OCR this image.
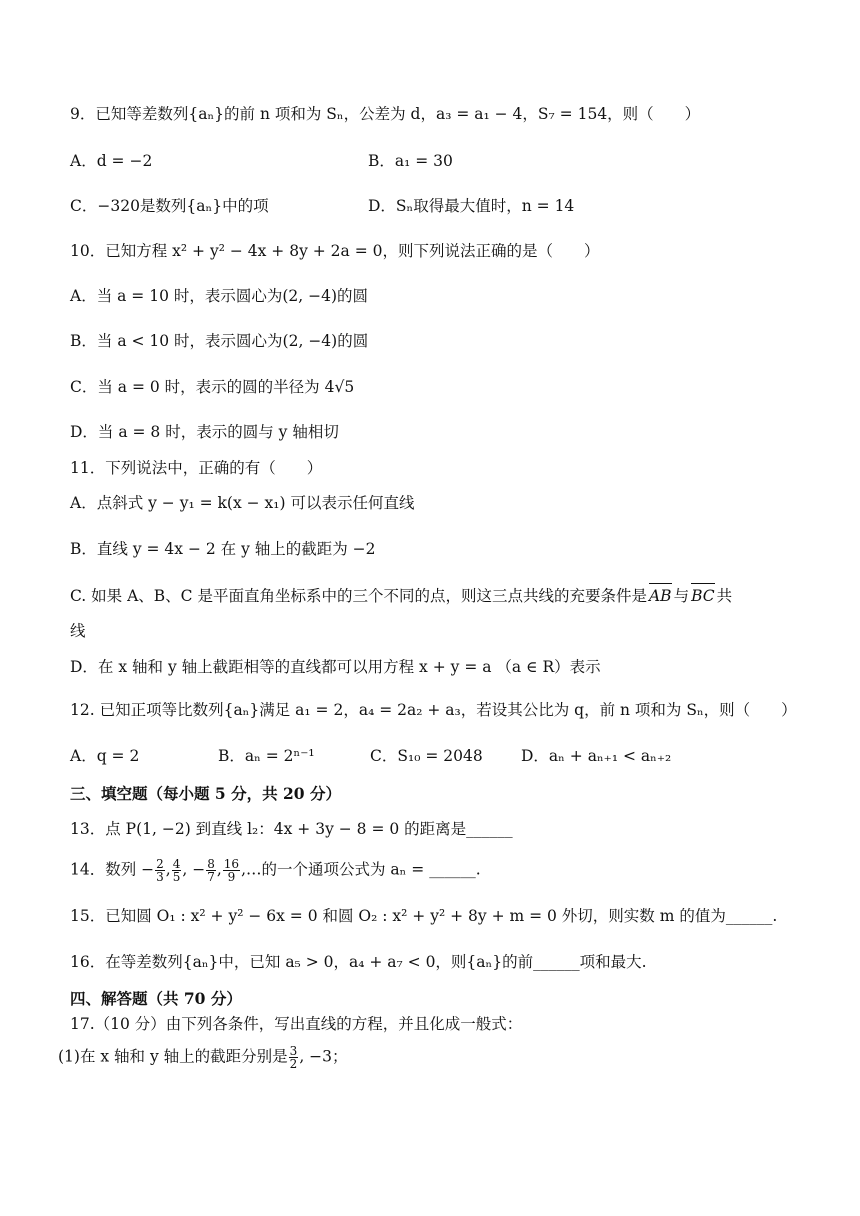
9．已知等差数列{aₙ}的前 n 项和为 Sₙ，公差为 d，a₃ = a₁ − 4，S₇ = 154，则（　　）
A．d = −2	B．a₁ = 30
C．−320是数列{aₙ}中的项	D．Sₙ取得最大值时，n = 14
10．已知方程 x² + y² − 4x + 8y + 2a = 0，则下列说法正确的是（　　）
A．当 a = 10 时，表示圆心为(2, −4)的圆
B．当 a < 10 时，表示圆心为(2, −4)的圆
C．当 a = 0 时，表示的圆的半径为 4√5
D．当 a = 8 时，表示的圆与 y 轴相切
11．下列说法中，正确的有（　　）
A．点斜式 y − y₁ = k(x − x₁) 可以表示任何直线
B．直线 y = 4x − 2 在 y 轴上的截距为 −2
C. 如果 A、B、C 是平面直角坐标系中的三个不同的点，则这三点共线的充要条件是 AB 与 BC 共
线
D．在 x 轴和 y 轴上截距相等的直线都可以用方程 x + y = a （a ∈ R）表示
12. 已知正项等比数列{aₙ}满足 a₁ = 2，a₄ = 2a₂ + a₃，若设其公比为 q，前 n 项和为 Sₙ，则（　　）
A．q = 2	B．aₙ = 2ⁿ⁻¹	C．S₁₀ = 2048 D．aₙ + aₙ₊₁ < aₙ₊₂
三、填空题（每小题 5 分，共 20 分）
13．点 P(1, −2) 到直线 l₂：4x + 3y − 8 = 0 的距离是______
14．数列 − $\frac{2}{3}$ , $\frac{4}{5}$ , − $\frac{8}{7}$ , $\frac{16}{9}$ ,…的一个通项公式为 aₙ = ______.
15．已知圆 O₁ : x² + y² − 6x = 0 和圆 O₂ : x² + y² + 8y + m = 0 外切，则实数 m 的值为______.
16．在等差数列{aₙ}中，已知 a₅ > 0，a₄ + a₇ < 0，则{aₙ}的前______项和最大.
四、解答题（共 70 分）
17.（10 分）由下列各条件，写出直线的方程，并且化成一般式：
(1)在 x 轴和 y 轴上的截距分别是 $\frac{3}{2}$ , −3；
